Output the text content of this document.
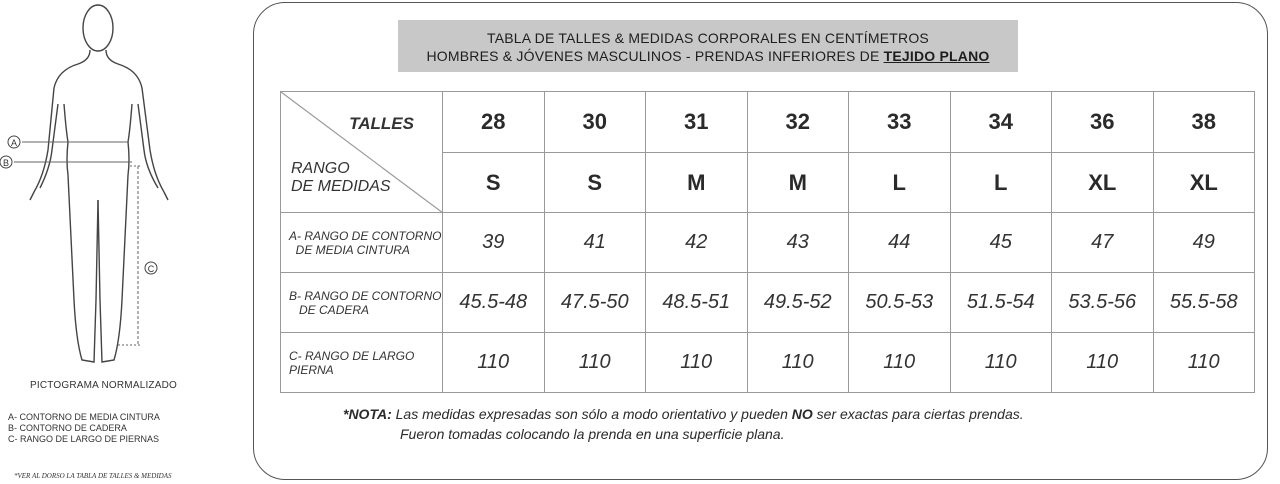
A
B
C
PICTOGRAMA NORMALIZADO
A- CONTORNO DE MEDIA CINTURA
B- CONTORNO DE CADERA
C- RANGO DE LARGO DE PIERNAS
*VER AL DORSO LA TABLA DE TALLES & MEDIDAS
TABLA DE TALLES & MEDIDAS CORPORALES EN CENTÍMETROS
HOMBRES & JÓVENES MASCULINOS - PRENDAS INFERIORES DE TEJIDO PLANO
TALLES
RANGO
DE MEDIDAS	28	30	31	32	33	34	36	38
	S	S	M	M	L	L	XL	XL
A- RANGO DE CONTORNO
DE MEDIA CINTURA	39	41	42	43	44	45	47	49
B- RANGO DE CONTORNO
DE CADERA	45.5-48	47.5-50	48.5-51	49.5-52	50.5-53	51.5-54	53.5-56	55.5-58
C- RANGO DE LARGO
PIERNA	110	110	110	110	110	110	110	110
*NOTA: Las medidas expresadas son sólo a modo orientativo y pueden NO ser exactas para ciertas prendas.
Fueron tomadas colocando la prenda en una superficie plana.
